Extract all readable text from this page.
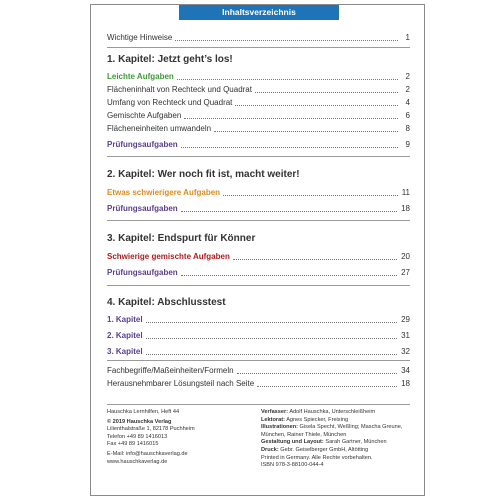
Inhaltsverzeichnis
Wichtige Hinweise	1
1. Kapitel: Jetzt geht’s los!
Leichte Aufgaben	2
Flächeninhalt von Rechteck und Quadrat	2
Umfang von Rechteck und Quadrat	4
Gemischte Aufgaben	6
Flächeneinheiten umwandeln	8
Prüfungsaufgaben	9
2. Kapitel: Wer noch fit ist, macht weiter!
Etwas schwierigere Aufgaben	11
Prüfungsaufgaben	18
3. Kapitel: Endspurt für Könner
Schwierige gemischte Aufgaben	20
Prüfungsaufgaben	27
4. Kapitel: Abschlusstest
1. Kapitel	29
2. Kapitel	31
3. Kapitel	32
Fachbegriffe/Maßeinheiten/Formeln	34
Herausnehmbarer Lösungsteil nach Seite	18
Hauschka Lernhilfen, Heft 44
© 2019 Hauschka Verlag
Lilienthalstraße 1, 82178 Puchheim
Telefon +49 89 1416013
Fax +49 89 1416015
E-Mail: info@hauschkaverlag.de
www.hauschkaverlag.de
Verfasser: Adolf Hauschka, Unterschleißheim
Lektorat: Agnes Spiecker, Freising
Illustrationen: Gisela Specht, Weßling; Mascha Greune,
München, Rainer Thiele, München
Gestaltung und Layout: Sarah Gartner, München
Druck: Gebr. Geiselberger GmbH, Altötting
Printed in Germany. Alle Rechte vorbehalten.
ISBN 978-3-88100-044-4
